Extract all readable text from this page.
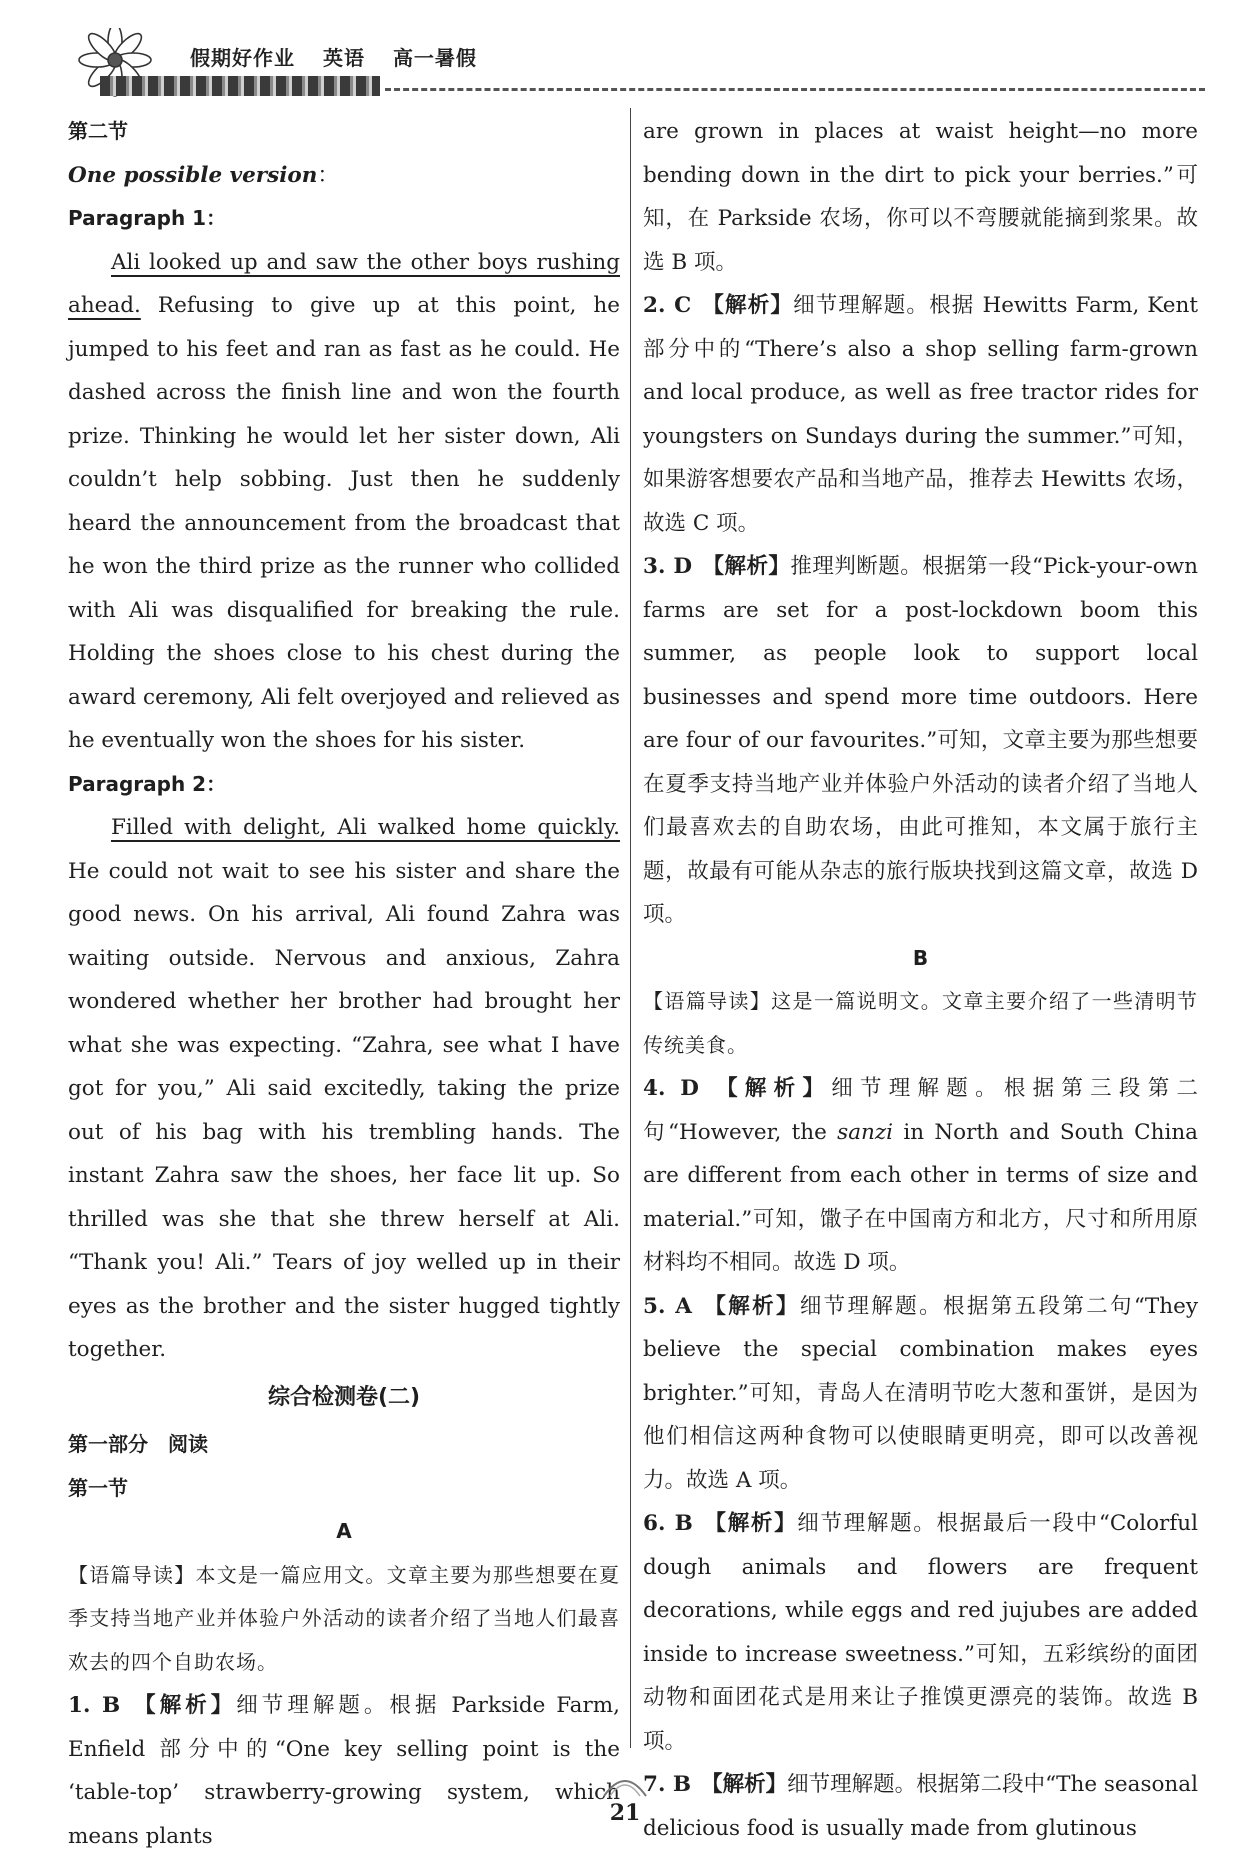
假期好作业 英语 高一暑假

第二节

One possible version：

Paragraph 1：

Ali looked up and saw the other boys rushing ahead. Refusing to give up at this point, he jumped to his feet and ran as fast as he could. He dashed across the finish line and won the fourth prize. Thinking he would let her sister down, Ali couldn’t help sobbing. Just then he suddenly heard the announcement from the broadcast that he won the third prize as the runner who collided with Ali was disqualified for breaking the rule. Holding the shoes close to his chest during the award ceremony, Ali felt overjoyed and relieved as he eventually won the shoes for his sister.

Paragraph 2：

Filled with delight, Ali walked home quickly. He could not wait to see his sister and share the good news. On his arrival, Ali found Zahra was waiting outside. Nervous and anxious, Zahra wondered whether her brother had brought her what she was expecting. “Zahra, see what I have got for you,” Ali said excitedly, taking the prize out of his bag with his trembling hands. The instant Zahra saw the shoes, her face lit up. So thrilled was she that she threw herself at Ali. “Thank you! Ali.” Tears of joy welled up in their eyes as the brother and the sister hugged tightly together.

综合检测卷(二)

第一部分　阅读

第一节

A

【语篇导读】本文是一篇应用文。文章主要为那些想要在夏季支持当地产业并体验户外活动的读者介绍了当地人们最喜欢去的四个自助农场。

1. B 【解析】细节理解题。根据 Parkside Farm, Enfield 部分中的“One key selling point is the ‘table-top’ strawberry-growing system, which means plants

are grown in places at waist height—no more bending down in the dirt to pick your berries.”可知，在 Parkside 农场，你可以不弯腰就能摘到浆果。故选 B 项。

2. C 【解析】细节理解题。根据 Hewitts Farm, Kent 部分中的“There’s also a shop selling farm-grown and local produce, as well as free tractor rides for youngsters on Sundays during the summer.”可知，如果游客想要农产品和当地产品，推荐去 Hewitts 农场，故选 C 项。

3. D 【解析】推理判断题。根据第一段“Pick-your-own farms are set for a post-lockdown boom this summer, as people look to support local businesses and spend more time outdoors. Here are four of our favourites.”可知，文章主要为那些想要在夏季支持当地产业并体验户外活动的读者介绍了当地人们最喜欢去的自助农场，由此可推知，本文属于旅行主题，故最有可能从杂志的旅行版块找到这篇文章，故选 D 项。

B

【语篇导读】这是一篇说明文。文章主要介绍了一些清明节传统美食。

4. D 【解析】细节理解题。根据第三段第二句“However, the sanzi in North and South China are different from each other in terms of size and material.”可知，馓子在中国南方和北方，尺寸和所用原材料均不相同。故选 D 项。

5. A 【解析】细节理解题。根据第五段第二句“They believe the special combination makes eyes brighter.”可知，青岛人在清明节吃大葱和蛋饼，是因为他们相信这两种食物可以使眼睛更明亮，即可以改善视力。故选 A 项。

6. B 【解析】细节理解题。根据最后一段中“Colorful dough animals and flowers are frequent decorations, while eggs and red jujubes are added inside to increase sweetness.”可知，五彩缤纷的面团动物和面团花式是用来让子推馍更漂亮的装饰。故选 B 项。

7. B 【解析】细节理解题。根据第二段中“The seasonal delicious food is usually made from glutinous

21
